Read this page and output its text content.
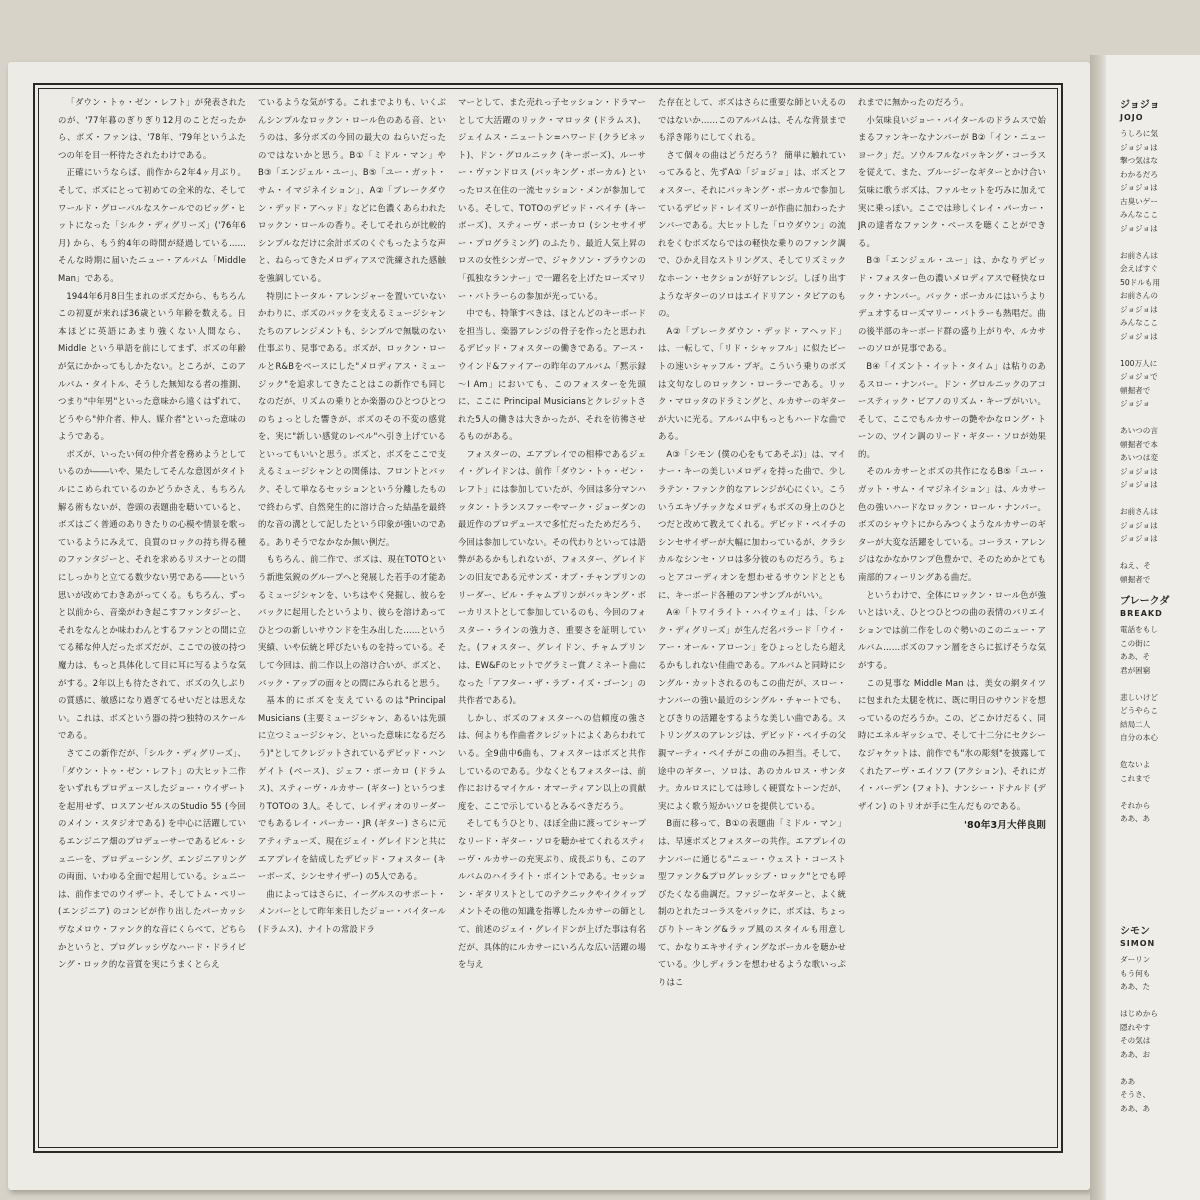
ジョジョ
JOJO
うしろに気
ジョジョは
撃つ気はな
わかるだろ
ジョジョは
古臭いゲー
みんなここ
ジョジョは

お前さんは
会えばすぐ
50ドルも用
お前さんの
ジョジョは
みんなここ
ジョジョは

100万人に
ジョジョで
頓掘者で
ジョジョ

あいつの言
頓掘者で本
あいつは変
ジョジョは
ジョジョは

お前さんは
ジョジョは
ジョジョは

ねえ、そ
頓掘者で
ブレークダ
BREAKD
電話をもし
この街に
ああ、そ
君が困窮

悲しいけど
どうやらこ
結局二人
自分の本心

危ないよ
これまで

それから
ああ、あ
シモン
SIMON
ダーリン
もう何も
ああ、た

はじめから
隠れやす
その気は
ああ、お

ああ
そうさ、
ああ、あ

「ダウン・トゥ・ゼン・レフト」が発表されたのが、'77年暮のぎりぎり12月のことだったから、ボズ・ファンは、'78年、'79年というふたつの年を目一杯待たされたわけである。

正確にいうならば、前作から2年4ヶ月ぶり。そして、ボズにとって初めての全米的な、そしてワールド・グローバルなスケールでのビッグ・ヒットになった「シルク・ディグリーズ」('76年6月) から、もう約4年の時間が経過している……そんな時期に届いたニュー・アルバム「Middle Man」である。

1944年6月8日生まれのボズだから、もちろんこの初夏が来れば36歳という年齢を数える。日本ほどに英語にあまり強くない人間なら、Middle という単語を前にしてまず、ボズの年齢が気にかかってもしかたない。ところが、このアルバム・タイトル、そうした無知なる者の推測、つまり"中年男"といった意味から遠くはずれて、どうやら"仲介者、仲人、媒介者"といった意味のようである。

ボズが、いったい何の仲介者を務めようとしているのか――いや、果たしてそんな意図がタイトルにこめられているのかどうかさえ、もちろん解る術もないが、巻頭の表題曲を聴いていると、ボズはごく普通のありきたりの心模や情景を歌っているようにみえて、良質のロックの持ち得る種のファンタジーと、それを求めるリスナーとの間にしっかりと立てる数少ない男である――という思いが改めてわきあがってくる。もちろん、ずっと以前から、音楽がわき起こすファンタジーと、それをなんとか味わわんとするファンとの間に立てる稀な仲人だったボズだが、ここでの彼の持つ魔力は、もっと具体化して目に耳に写るような気がする。2年以上も待たされて、ボズの久しぶりの質感に、敏感になり過ぎてるせいだとは思えない。これは、ボズという器の持つ独特のスケールである。

さてこの新作だが、「シルク・ディグリーズ」、「ダウン・トゥ・ゼン・レフト」の大ヒット二作をいずれもプロデュースしたジョー・ウイザートを起用せず、ロスアンゼルスのStudio 55 (今回のメイン・スタジオである) を中心に活躍しているエンジニア畑のプロデューサーであるビル・シュニーを、プロデューシング、エンジニアリングの両面、いわゆる全面で起用している。シュニーは、前作までのウイザート、そしてトム・ペリー (エンジニア) のコンビが作り出したパーカッシヴなメロウ・ファンク的な音にくらべて、どちらかというと、プログレッシヴなハード・ドライビング・ロック的な音質を実にうまくとらえ

ているような気がする。これまでよりも、いくぶんシンプルなロックン・ロール色のある音、というのは、多分ボズの今回の最大の ねらいだったのではないかと思う。B①「ミドル・マン」やB③「エンジェル・ユー」、B⑤「ユー・ガット・サム・イマジネイション」、A②「ブレークダウン・デッド・アヘッド」などに色濃くあらわれたロックン・ロールの香り。そしてそれらが比較的シンプルなだけに余計ボズのくぐもったような声と、ねらってきたメロディアスで洗練された感触を強調している。

特別にトータル・アレンジャーを置いていないかわりに、ボズのバックを支えるミュージシャンたちのアレンジメントも、シンプルで無駄のない仕事ぶり、見事である。ボズが、ロックン・ロールとR&Bをベースにした"メロディアス・ミュージック"を追求してきたことはこの新作でも同じなのだが、リズムの乗りとか楽器のひとつひとつのちょっとした響きが、ボズのその不変の感覚を、実に"新しい感覚のレベル"へ引き上げているといってもいいと思う。ボズと、ボズをここで支えるミュージシャンとの関係は、フロントとバック、そして単なるセッションという分離したもので終わらず、自然発生的に溶け合った結晶を最終的な音の溝として記したという印象が強いのである。ありそうでなかなか無い例だ。

もちろん、前二作で、ボズは、現在TOTOという新進気鋭のグループへと発展した若手の才能あるミュージシャンを、いちはやく発掘し、彼らをバックに起用したというより、彼らを溶けあってひとつの新しいサウンドを生み出した……という実績、いや伝統と呼びたいものを持っている。そして今回は、前二作以上の溶け合いが、ボズと、バック・アップの面々との間にみられると思う。

基本的にボズを支えているのは"Principal Musicians (主要ミュージシャン、あるいは先頭に立つミュージシャン、といった意味になるだろう)"としてクレジットされているデビッド・ハンゲイト (ベース)、ジェフ・ポーカロ (ドラムス)、スティーヴ・ルカサー (ギター) というつまりTOTOの 3人。そして、レイディオのリーダーでもあるレイ・パーカー・JR (ギター) さらに元アティテューズ、現在ジェイ・グレイドンと共にエアプレイを結成したデビッド・フォスター (キーボーズ、シンセサイザー) の5人である。

曲によってはさらに、イーグルスのサポート・メンバーとして昨年来日したジョー・バイタール (ドラムス)、ナイトの常設ドラ

マーとして、また売れっ子セッション・ドラマーとして大活躍のリック・マロッタ (ドラムス)、ジェイムス・ニュートン=ハワード (クラビネット)、ドン・グロルニック (キーボーズ)、ルーサー・ヴァンドロス (バッキング・ボーカル) といったロス在住の一流セッション・メンが参加している。そして、TOTOのデビッド・ペイチ (キーボーズ)、スティーヴ・ポーカロ (シンセサイザー・プログラミング) のふたり、最近人気上昇のロスの女性シンガーで、ジャクソン・ブラウンの「孤独なランナー」で一躍名を上げたローズマリー・バトラーらの参加が光っている。

中でも、特筆すべきは、ほとんどのキーボードを担当し、楽器アレンジの骨子を作ったと思われるデビッド・フォスターの働きである。アース・ウインド&ファイアーの昨年のアルバム「黙示録～I Am」においても、このフォスターを先頭に、ここに Principal Musiciansとクレジットされた5人の働きは大きかったが、それを彷彿させるものがある。

フォスターの、エアプレイでの相棒であるジェイ・グレイドンは、前作「ダウン・トゥ・ゼン・レフト」には参加していたが、今回は多分マンハッタン・トランスファーやマーク・ジョーダンの最近作のプロデュースで多忙だったためだろう、今回は参加していない。その代わりといっては語弊があるかもしれないが、フォスター、グレイドンの旧友である元サンズ・オブ・チャンプリンのリーダー、ビル・チャムプリンがバッキング・ボーカリストとして参加しているのも、今回のフォスター・ラインの強力さ、重要さを証明していた。(フォスター、グレイドン、チャムプリンは、EW&Fのヒットでグラミー賞ノミネート曲になった「アフター・ザ・ラブ・イズ・ゴーン」の共作者である)。

しかし、ボズのフォスターへの信頼度の強さは、何よりも作曲者クレジットによくあらわれている。全9曲中6曲も、フォスターはボズと共作しているのである。少なくともフォスターは、前作におけるマイケル・オマーティアン以上の貢献度を、ここで示しているとみるべきだろう。

そしてもうひとり、ほぼ全曲に渡ってシャープなリード・ギター・ソロを聴かせてくれるスティーヴ・ルカサーの充実ぶり、成長ぶりも、このアルバムのハイライト・ポイントである。セッション・ギタリストとしてのテクニックやイクイップメントその他の知識を指導したルカサーの師として、前述のジェイ・グレイドンが上げた事は有名だが、具体的にルカサーにいろんな広い活躍の場を与え

た存在として、ボズはさらに重要な師といえるのではないか……このアルバムは、そんな背景までも浮き彫りにしてくれる。

さて個々の曲はどうだろう？ 簡単に触れていってみると、先ずA①「ジョジョ」は、ボズとフォスター、それにバッキング・ボーカルで参加しているデビッド・レイズリーが作曲に加わったナンバーである。大ヒットした「ロウダウン」の流れをくむボズならではの軽快な乗りのファンク調で、ひかえ目なストリングス、そしてリズミックなホーン・セクションが好アレンジ。しぼり出すようなギターのソロはエイドリアン・タピアのもの。

A②「ブレークダウン・デッド・アヘッド」は、一転して、「リド・シャッフル」に似たビートの速いシャッフル・ブギ。こういう乗りのボズは文句なしのロックン・ローラーである。リック・マロッタのドラミングと、ルカサーのギターが大いに光る。アルバム中もっともハードな曲である。

A③「シモン (僕の心をもてあそぶ)」は、マイナー・キーの美しいメロディを持った曲で、少しラテン・ファンク的なアレンジが心にくい。こういうエキゾチックなメロディもボズの身上のひとつだと改めて教えてくれる。デビッド・ペイチのシンセサイザーが大幅に加わっているが、クラシカルなシンセ・ソロは多分彼のものだろう。ちょっとアコーディオンを想わせるサウンドとともに、キーボード各種のアンサンブルがいい。

A④「トワイライト・ハイウェイ」は、「シルク・ディグリーズ」が生んだ名バラード「ウイ・アー・オール・アローン」をひょっとしたら超えるかもしれない佳曲である。アルバムと同時にシングル・カットされるのもこの曲だが、スロー・ナンバーの強い最近のシングル・チャートでも、とびきりの活躍をするような美しい曲である。ストリングスのアレンジは、デビッド・ペイチの父親マーティ・ペイチがこの曲のみ担当。そして、途中のギター、ソロは、あのカルロス・サンタナ。カルロスにしては珍しく硬質なトーンだが、実によく歌う短かいソロを提供している。

B面に移って、B①の表題曲「ミドル・マン」は、早速ボズとフォスターの共作。エアプレイのナンバーに通じる"ニュー・ウェスト・コースト型ファンク&プログレッシブ・ロック"とでも呼びたくなる曲調だ。ファジーなギターと、よく統制のとれたコーラスをバックに、ボズは、ちょっぴりトーキング&ラップ風のスタイルも用意して、かなりエキサイティングなボーカルを聴かせている。少しディランを想わせるような歌いっぷりはこ

れまでに無かったのだろう。

小気味良いジョー・バイタールのドラムスで始まるファンキーなナンバーが B②「イン・ニューヨーク」だ。ソウルフルなバッキング・コーラスを従えて、また、ブルージーなギターとかけ合い気味に歌うボズは、ファルセットを巧みに加えて実に乗っぽい。ここでは珍しくレイ・パーカー・JRの達者なファンク・ベースを聴くことができる。

B③「エンジェル・ユー」は、かなりデビッド・フォスター色の濃いメロディアスで軽快なロック・ナンバー。バック・ボーカルにはいうよりデュオするローズマリー・バトラーも熱唱だ。曲の後半部のキーボード群の盛り上がりや、ルカサーのソロが見事である。

B④「イズント・イット・タイム」は粘りのあるスロー・ナンバー。ドン・グロルニックのアコースティック・ピアノのリズム・キープがいい。そして、ここでもルカサーの艶やかなロング・トーンの、ツイン調のリード・ギター・ソロが効果的。

そのルカサーとボズの共作になるB⑤「ユー・ガット・サム・イマジネイション」は、ルカサー色の強いハードなロックン・ロール・ナンバー。ボズのシャウトにからみつくようなルカサーのギターが大変な活躍をしている。コーラス・アレンジはなかなかワンプ色豊かで、そのためかとても南部的フィーリングある曲だ。

というわけで、全体にロックン・ロール色が強いとはいえ、ひとつひとつの曲の表情のバリエイションでは前二作をしのぐ勢いのこのニュー・アルバム……ボズのファン層をさらに拡げそうな気がする。

この見事な Middle Man は、美女の網タイツに包まれた太腿を枕に、既に明日のサウンドを想っているのだろうか。この、どこかけだるく、同時にエネルギッシュで、そして十二分にセクシーなジャケットは、前作でも"氷の彫刻"を披露してくれたアーヴ・エイソフ (アクション)、それにガイ・バーデン (フォト)、ナンシー・ドナルド (デザイン) のトリオが手に生んだものである。

'80年3月大伴良則
